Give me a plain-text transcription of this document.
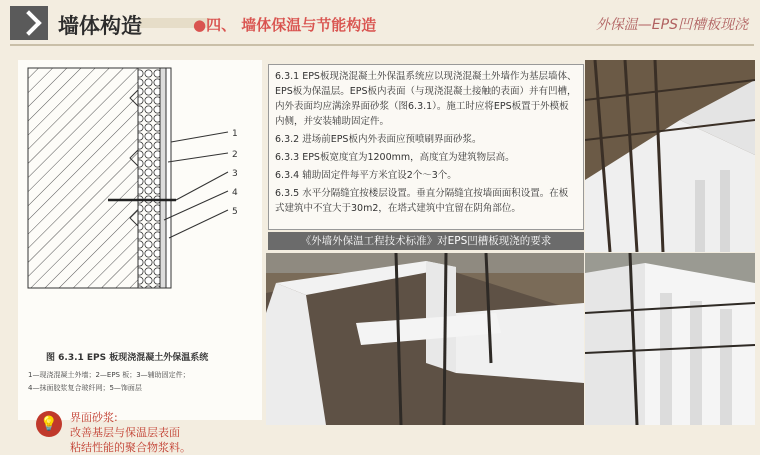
墙体构造	●四、 墙体保温与节能构造	外保温—EPS凹槽板现浇
1
2
3
4
5
图 6.3.1 EPS 板现浇混凝土外保温系统
1—现浇混凝土外墙；2—EPS 板；3—辅助固定件；
4—抹面胶浆复合玻纤网；5—饰面层
💡	界面砂浆:
改善基层与保温层表面
粘结性能的聚合物浆料。

6.3.1 EPS板现浇混凝土外保温系统应以现浇混凝土外墙作为基层墙体、EPS板为保温层。EPS板内表面（与现浇混凝土接触的表面）并有凹槽，内外表面均应满涂界面砂浆（图6.3.1）。施工时应将EPS板置于外模板内侧，并安装辅助固定件。

6.3.2 进场前EPS板内外表面应预喷刷界面砂浆。

6.3.3 EPS板宽度宜为1200mm，高度宜为建筑物层高。

6.3.4 辅助固定件每平方米宜设2个～3个。

6.3.5 水平分隔缝宜按楼层设置。垂直分隔缝宜按墙面面积设置。在板式建筑中不宜大于30m2，在塔式建筑中宜留在阴角部位。

《外墙外保温工程技术标准》对EPS凹槽板现浇的要求
